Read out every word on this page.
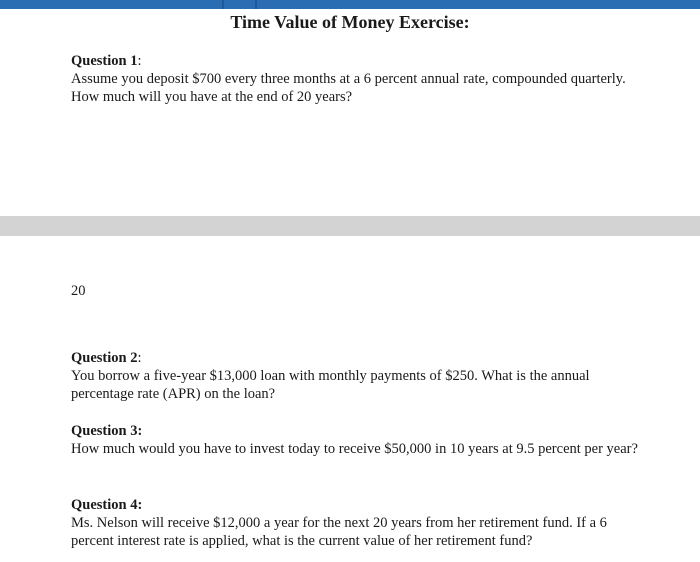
Time Value of Money Exercise:
Question 1:
Assume you deposit $700 every three months at a 6 percent annual rate, compounded quarterly. How much will you have at the end of 20 years?

20

Question 2:
You borrow a five-year $13,000 loan with monthly payments of $250. What is the annual percentage rate (APR) on the loan?
Question 3:
How much would you have to invest today to receive $50,000 in 10 years at 9.5 percent per year?
Question 4:
Ms. Nelson will receive $12,000 a year for the next 20 years from her retirement fund. If a 6 percent interest rate is applied, what is the current value of her retirement fund?
